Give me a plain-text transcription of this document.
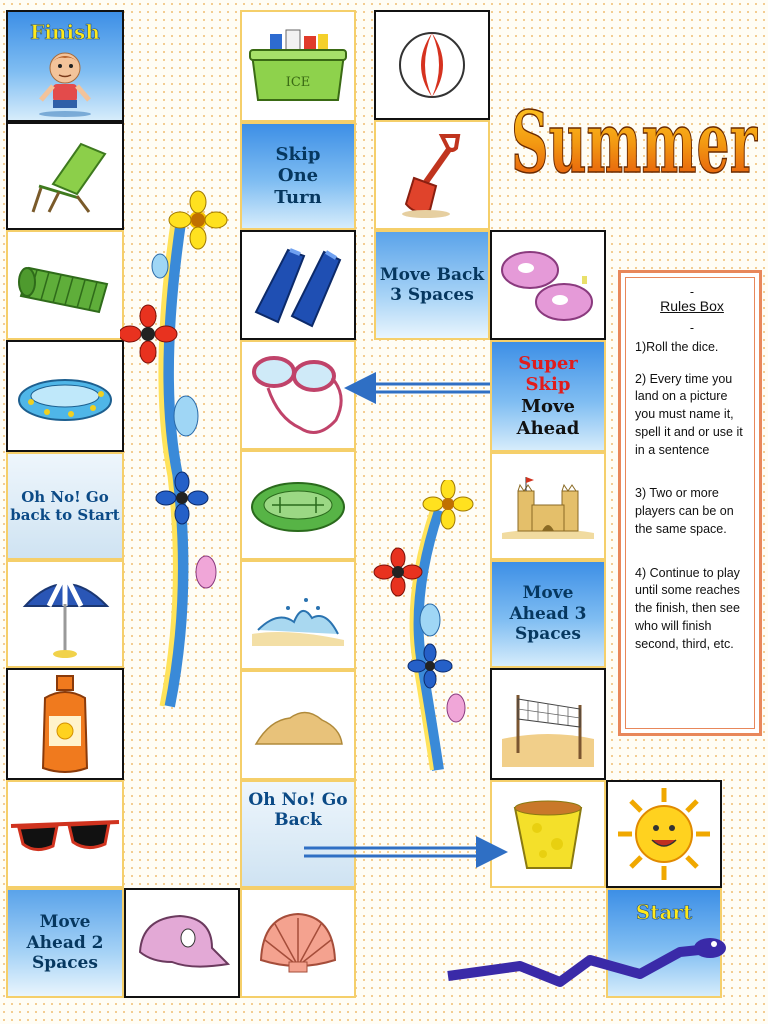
Finish
Oh No! Go back to Start
Move Ahead 2 Spaces
Oh No! Go Back
Skip One Turn
ICE
Move Back 3 Spaces
Super Skip
Move Ahead
Move Ahead 3 Spaces
Start
Summer
-
Rules Box
-

1)Roll the dice.

2) Every time you land on a picture you must name it, spell it and or use it in a sentence

3) Two or more players can be on the same space.

4) Continue to play until some reaches the finish, then see who will finish second, third, etc.
